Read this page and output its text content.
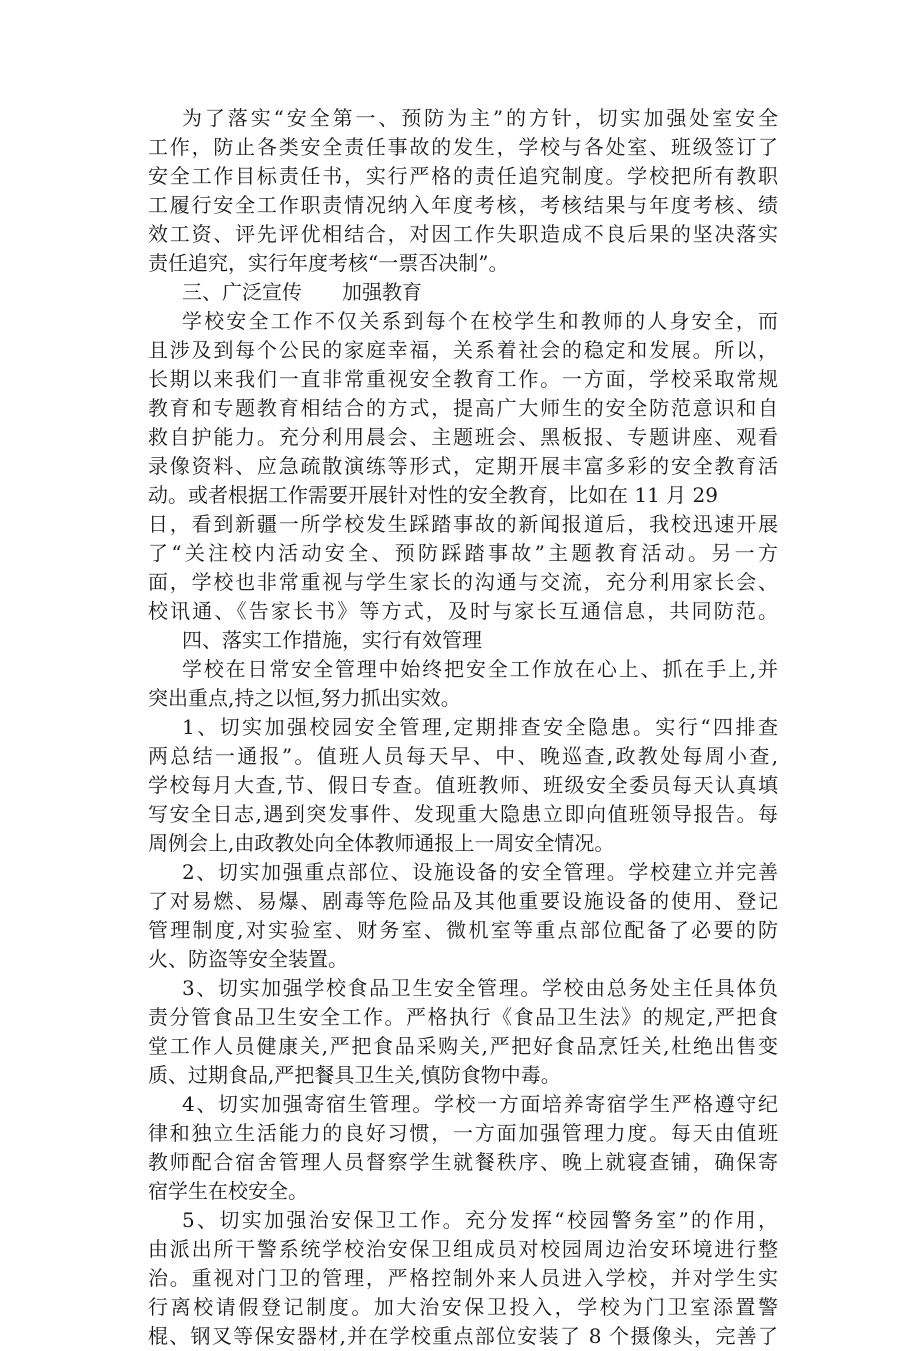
为了落实“安全第一、预防为主”的方针，切实加强处室安全
工作，防止各类安全责任事故的发生，学校与各处室、班级签订了
安全工作目标责任书，实行严格的责任追究制度。学校把所有教职
工履行安全工作职责情况纳入年度考核，考核结果与年度考核、绩
效工资、评先评优相结合，对因工作失职造成不良后果的坚决落实
责任追究，实行年度考核“一票否决制”。
三、广泛宣传　　加强教育
学校安全工作不仅关系到每个在校学生和教师的人身安全，而
且涉及到每个公民的家庭幸福，关系着社会的稳定和发展。所以，
长期以来我们一直非常重视安全教育工作。一方面，学校采取常规
教育和专题教育相结合的方式，提高广大师生的安全防范意识和自
救自护能力。充分利用晨会、主题班会、黑板报、专题讲座、观看
录像资料、应急疏散演练等形式，定期开展丰富多彩的安全教育活
动。或者根据工作需要开展针对性的安全教育，比如在 11 月 29
日，看到新疆一所学校发生踩踏事故的新闻报道后，我校迅速开展
了“关注校内活动安全、预防踩踏事故”主题教育活动。另一方
面，学校也非常重视与学生家长的沟通与交流，充分利用家长会、
校讯通、《告家长书》等方式，及时与家长互通信息，共同防范。
四、落实工作措施，实行有效管理
学校在日常安全管理中始终把安全工作放在心上、抓在手上,并
突出重点,持之以恒,努力抓出实效。
1、切实加强校园安全管理,定期排查安全隐患。实行“四排查
两总结一通报”。值班人员每天早、中、晚巡查,政教处每周小查,
学校每月大查,节、假日专查。值班教师、班级安全委员每天认真填
写安全日志,遇到突发事件、发现重大隐患立即向值班领导报告。每
周例会上,由政教处向全体教师通报上一周安全情况。
2、切实加强重点部位、设施设备的安全管理。学校建立并完善
了对易燃、易爆、剧毒等危险品及其他重要设施设备的使用、登记
管理制度,对实验室、财务室、微机室等重点部位配备了必要的防
火、防盗等安全装置。
3、切实加强学校食品卫生安全管理。学校由总务处主任具体负
责分管食品卫生安全工作。严格执行《食品卫生法》的规定,严把食
堂工作人员健康关,严把食品采购关,严把好食品烹饪关,杜绝出售变
质、过期食品,严把餐具卫生关,慎防食物中毒。
4、切实加强寄宿生管理。学校一方面培养寄宿学生严格遵守纪
律和独立生活能力的良好习惯，一方面加强管理力度。每天由值班
教师配合宿舍管理人员督察学生就餐秩序、晚上就寝查铺，确保寄
宿学生在校安全。
5、切实加强治安保卫工作。充分发挥“校园警务室”的作用，
由派出所干警系统学校治安保卫组成员对校园周边治安环境进行整
治。重视对门卫的管理，严格控制外来人员进入学校，并对学生实
行离校请假登记制度。加大治安保卫投入，学校为门卫室添置警
棍、钢叉等保安器材,并在学校重点部位安装了 8 个摄像头，完善了
